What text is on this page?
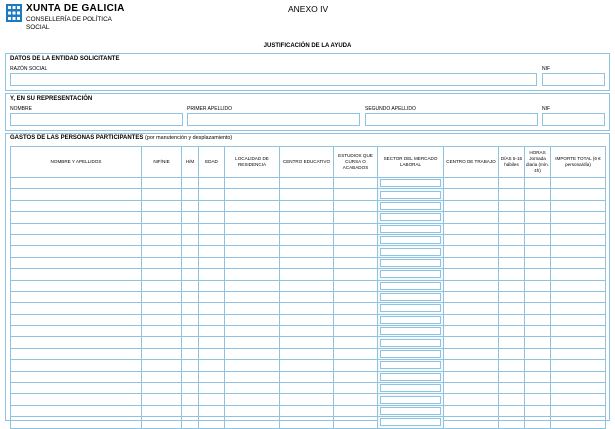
XUNTA DE GALICIA
CONSELLERÍA DE POLÍTICA
SOCIAL
ANEXO IV
JUSTIFICACIÓN DE LA AYUDA
DATOS DE LA ENTIDAD SOLICITANTE
RAZÓN SOCIAL	NIF
Y, EN SU REPRESENTACIÓN
NOMBRE	PRIMER APELLIDO	SEGUNDO APELLIDO	NIF
GASTOS DE LAS PERSONAS PARTICIPANTES (por manutención y desplazamiento)
NOMBRE Y APELLIDOS	NIF/NIE	H/M	EDAD	LOCALIDAD DE RESIDENCIA	CENTRO EDUCATIVO	ESTUDIOS QUE CURSA O ACABADOS	SECTOR DEL MERCADO LABORAL	CENTRO DE TRABAJO	DÍAS 5-15 hábiles	HORAS Jornada diaria (mín. 4h)	IMPORTE TOTAL (6 € persona/día)
